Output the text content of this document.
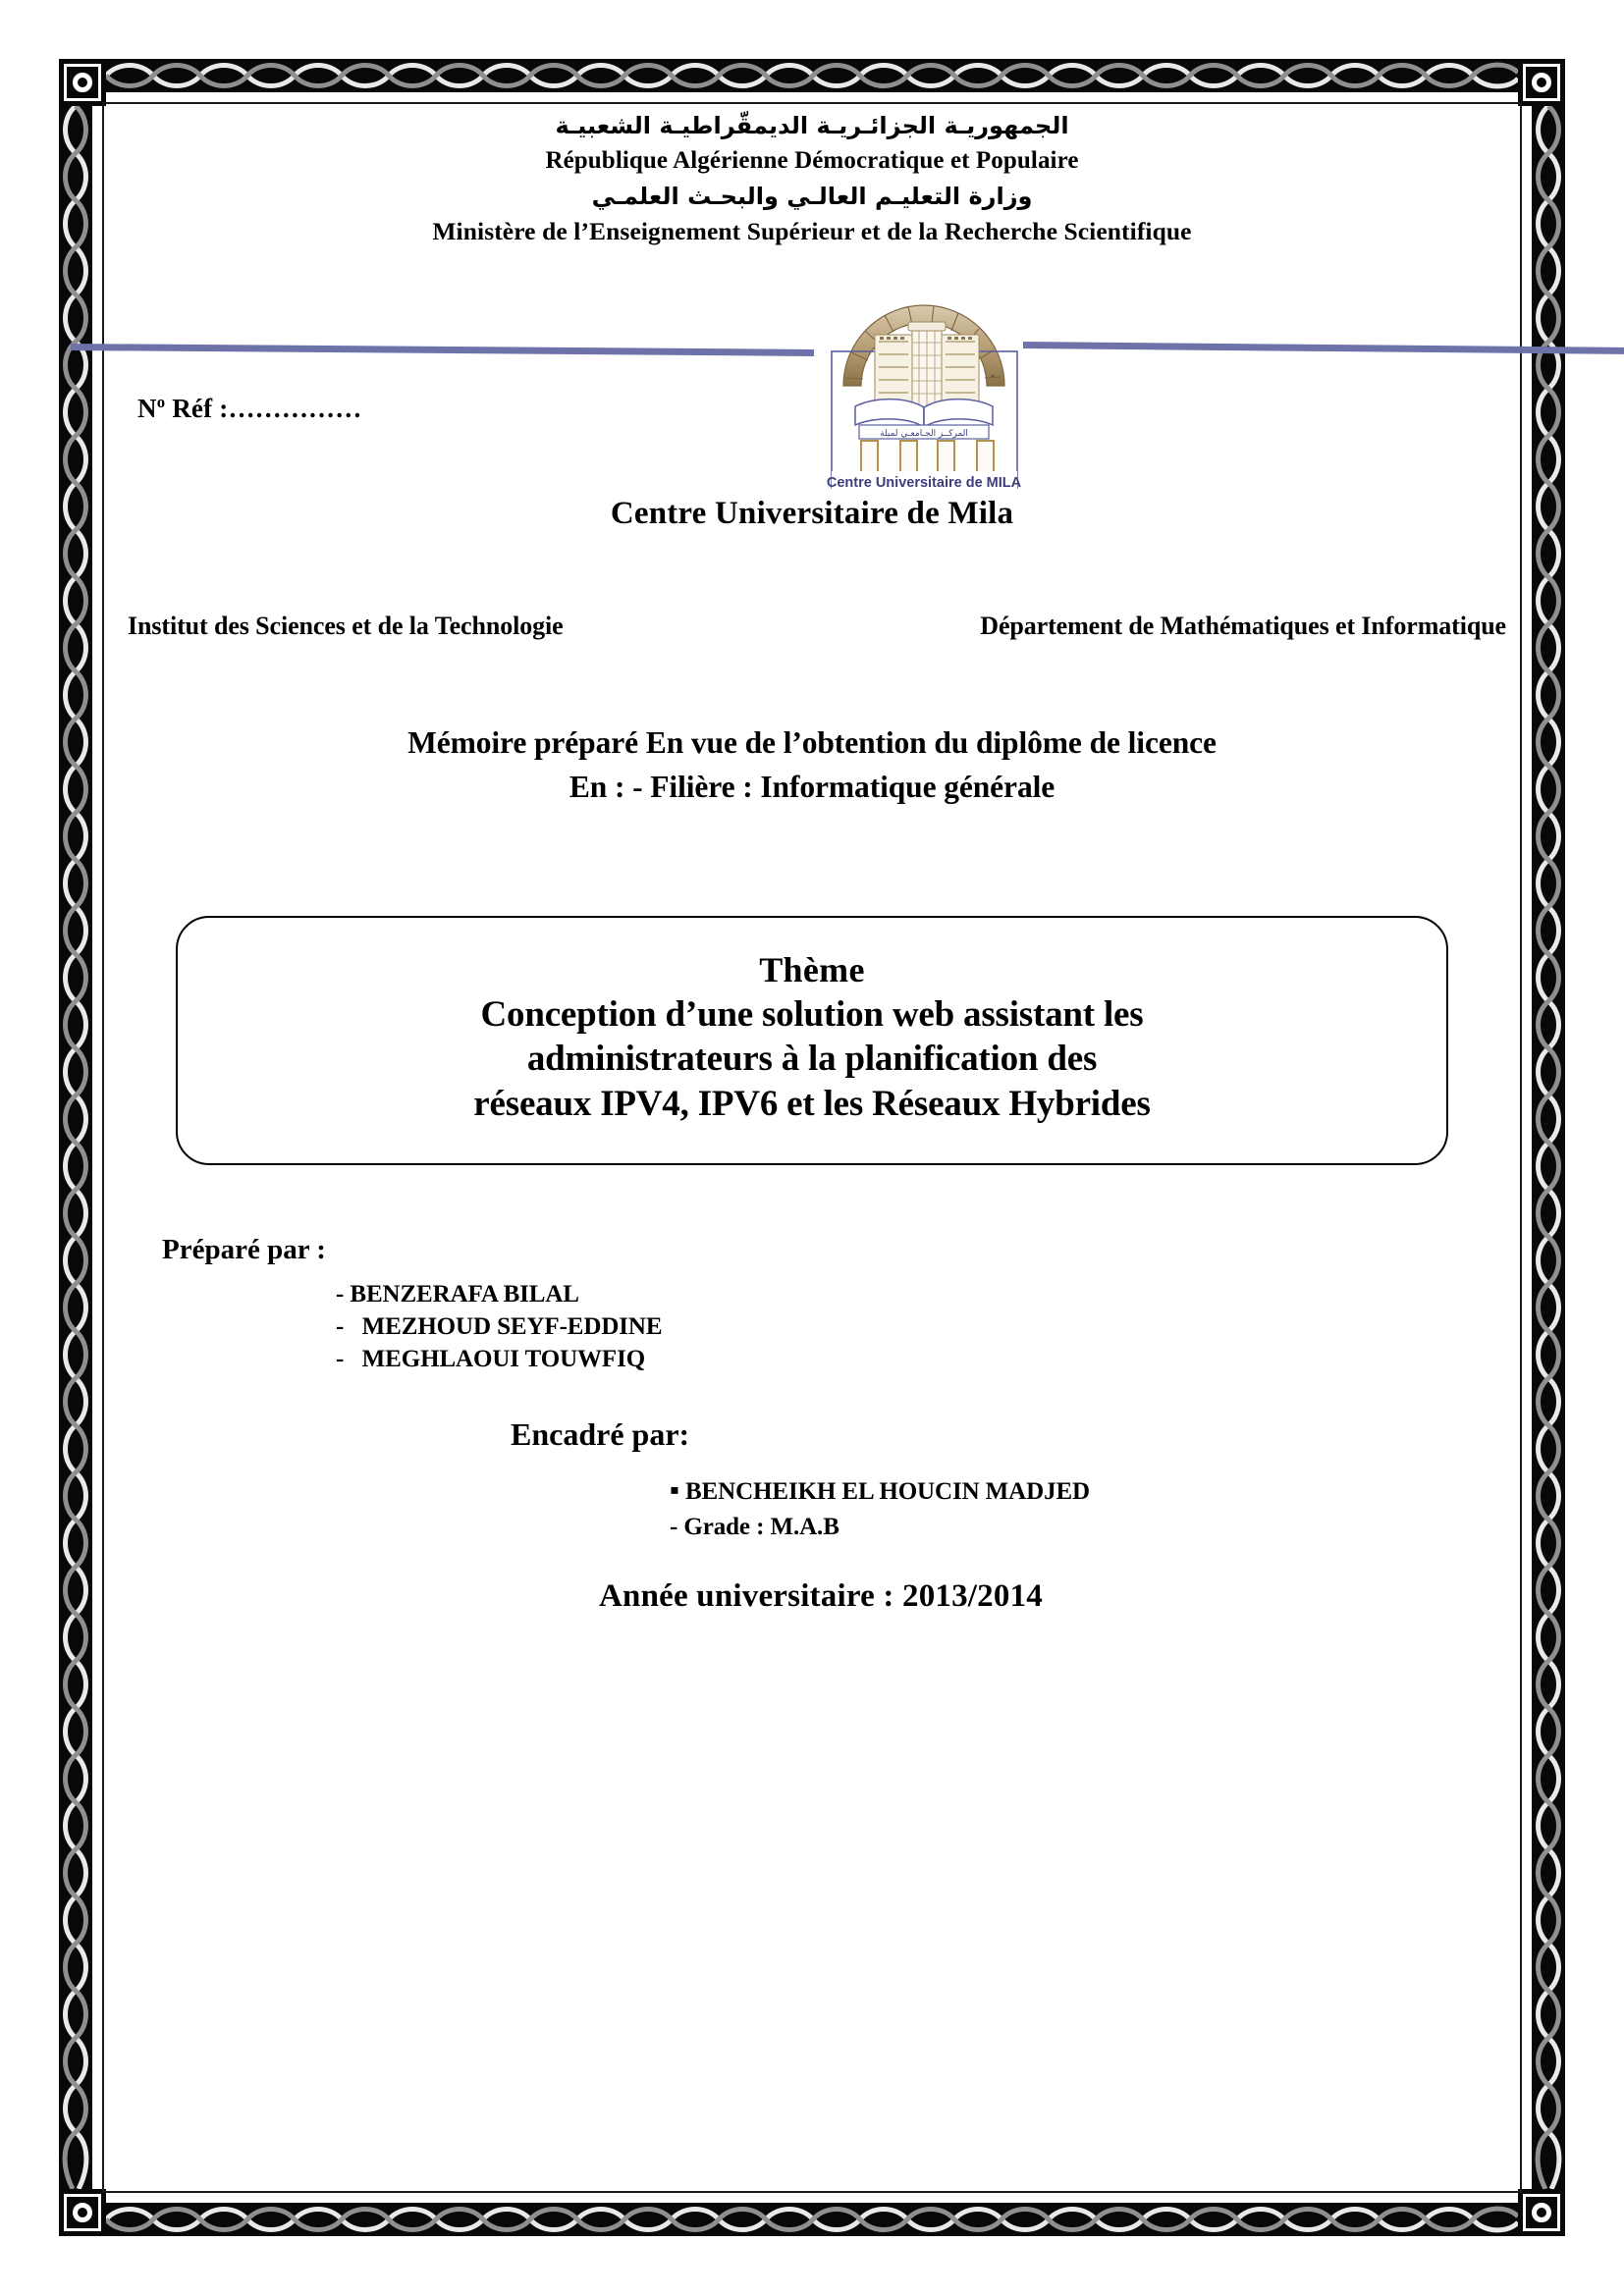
الجمهوريـة الجزائـريـة الديمقّراطيـة الشعبيـة
République Algérienne Démocratique et Populaire
وزارة التعليـم العالـي والبحـث العلمـي
Ministère de l’Enseignement Supérieur et de la Recherche Scientifique
المركــز الجـامعـي لميلة
Centre Universitaire de MILA
$N^o$ Réf :……………
Centre Universitaire de Mila
Institut des Sciences et de la Technologie	Département de Mathématiques et Informatique
Mémoire préparé En vue de l’obtention du diplôme de licence
En : - Filière : Informatique générale
Thème
Conception d’une solution web assistant les
administrateurs à la planification des
réseaux IPV4, IPV6 et les Réseaux Hybrides
Préparé par :
- BENZERAFA BILAL
-   MEZHOUD SEYF-EDDINE
-   MEGHLAOUI TOUWFIQ
Encadré par:
▪ BENCHEIKH EL HOUCIN MADJED
- Grade : M.A.B
Année universitaire : 2013/2014
